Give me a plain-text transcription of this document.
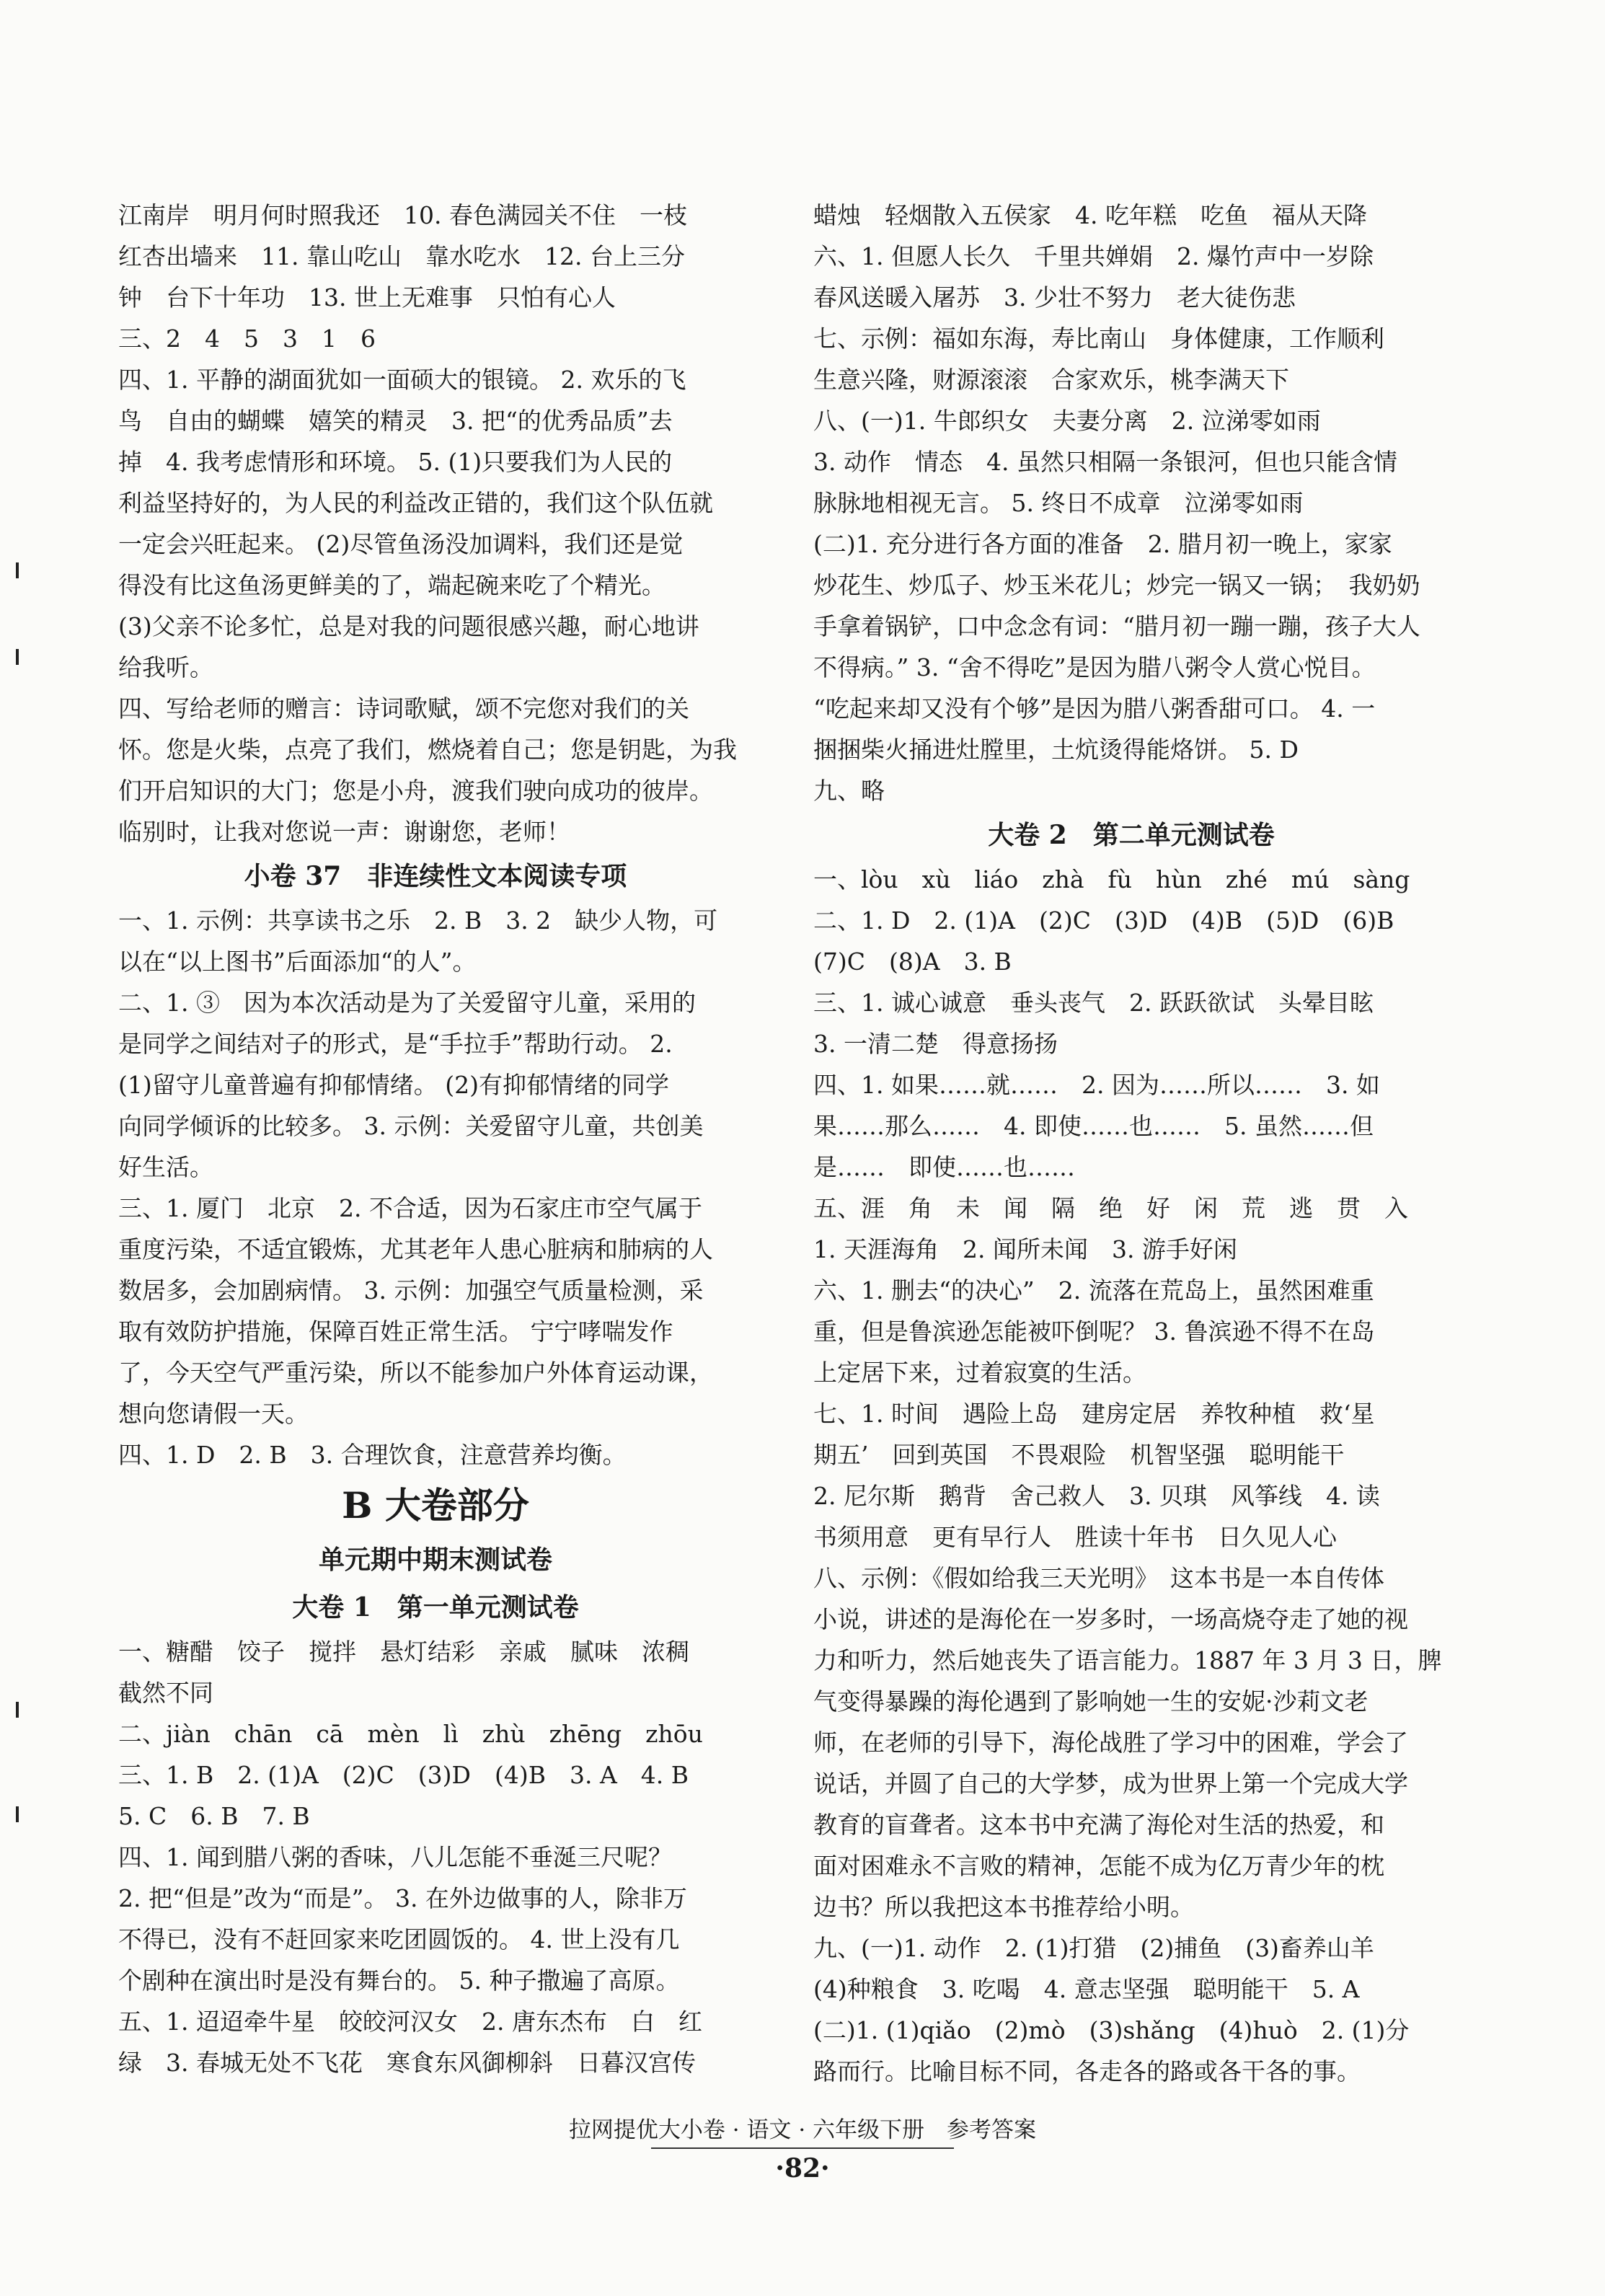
江南岸　明月何时照我还　10. 春色满园关不住　一枝
红杏出墙来　11. 靠山吃山　靠水吃水　12. 台上三分
钟　台下十年功　13. 世上无难事　只怕有心人
三、2　4　5　3　1　6
四、1. 平静的湖面犹如一面硕大的银镜。 2. 欢乐的飞
鸟　自由的蝴蝶　嬉笑的精灵　3. 把“的优秀品质”去
掉　4. 我考虑情形和环境。 5. (1)只要我们为人民的
利益坚持好的，为人民的利益改正错的，我们这个队伍就
一定会兴旺起来。 (2)尽管鱼汤没加调料，我们还是觉
得没有比这鱼汤更鲜美的了，端起碗来吃了个精光。
(3)父亲不论多忙，总是对我的问题很感兴趣，耐心地讲
给我听。
四、写给老师的赠言：诗词歌赋，颂不完您对我们的关
怀。您是火柴，点亮了我们，燃烧着自己；您是钥匙，为我
们开启知识的大门；您是小舟，渡我们驶向成功的彼岸。
临别时，让我对您说一声：谢谢您，老师！
小卷 37　非连续性文本阅读专项
一、1. 示例：共享读书之乐　2. B　3. 2　缺少人物，可
以在“以上图书”后面添加“的人”。
二、1. ③　因为本次活动是为了关爱留守儿童，采用的
是同学之间结对子的形式，是“手拉手”帮助行动。 2.
(1)留守儿童普遍有抑郁情绪。 (2)有抑郁情绪的同学
向同学倾诉的比较多。 3. 示例：关爱留守儿童，共创美
好生活。
三、1. 厦门　北京　2. 不合适，因为石家庄市空气属于
重度污染，不适宜锻炼，尤其老年人患心脏病和肺病的人
数居多，会加剧病情。 3. 示例：加强空气质量检测，采
取有效防护措施，保障百姓正常生活。 宁宁哮喘发作
了，今天空气严重污染，所以不能参加户外体育运动课，
想向您请假一天。
四、1. D　2. B　3. 合理饮食，注意营养均衡。
B 大卷部分
单元期中期末测试卷
大卷 1　第一单元测试卷
一、糖醋　饺子　搅拌　悬灯结彩　亲戚　腻味　浓稠
截然不同
二、jiàn　chān　cā　mèn　lì　zhù　zhēng　zhōu
三、1. B　2. (1)A　(2)C　(3)D　(4)B　3. A　4. B
5. C　6. B　7. B
四、1. 闻到腊八粥的香味，八儿怎能不垂涎三尺呢？
2. 把“但是”改为“而是”。 3. 在外边做事的人，除非万
不得已，没有不赶回家来吃团圆饭的。 4. 世上没有几
个剧种在演出时是没有舞台的。 5. 种子撒遍了高原。
五、1. 迢迢牵牛星　皎皎河汉女　2. 唐东杰布　白　红
绿　3. 春城无处不飞花　寒食东风御柳斜　日暮汉宫传
蜡烛　轻烟散入五侯家　4. 吃年糕　吃鱼　福从天降
六、1. 但愿人长久　千里共婵娟　2. 爆竹声中一岁除
春风送暖入屠苏　3. 少壮不努力　老大徒伤悲
七、示例：福如东海，寿比南山　身体健康，工作顺利
生意兴隆，财源滚滚　合家欢乐，桃李满天下
八、(一)1. 牛郎织女　夫妻分离　2. 泣涕零如雨
3. 动作　情态　4. 虽然只相隔一条银河，但也只能含情
脉脉地相视无言。 5. 终日不成章　泣涕零如雨
(二)1. 充分进行各方面的准备　2. 腊月初一晚上，家家
炒花生、炒瓜子、炒玉米花儿；炒完一锅又一锅；　我奶奶
手拿着锅铲，口中念念有词：“腊月初一蹦一蹦，孩子大人
不得病。” 3. “舍不得吃”是因为腊八粥令人赏心悦目。
“吃起来却又没有个够”是因为腊八粥香甜可口。 4. 一
捆捆柴火捅进灶膛里，土炕烫得能烙饼。 5. D
九、略
大卷 2　第二单元测试卷
一、lòu　xù　liáo　zhà　fù　hùn　zhé　mú　sàng
二、1. D　2. (1)A　(2)C　(3)D　(4)B　(5)D　(6)B
(7)C　(8)A　3. B
三、1. 诚心诚意　垂头丧气　2. 跃跃欲试　头晕目眩
3. 一清二楚　得意扬扬
四、1. 如果……就……　2. 因为……所以……　3. 如
果……那么……　4. 即使……也……　5. 虽然……但
是……　即使……也……
五、涯　角　未　闻　隔　绝　好　闲　荒　逃　贯　入
1. 天涯海角　2. 闻所未闻　3. 游手好闲
六、1. 删去“的决心”　2. 流落在荒岛上，虽然困难重
重，但是鲁滨逊怎能被吓倒呢？ 3. 鲁滨逊不得不在岛
上定居下来，过着寂寞的生活。
七、1. 时间　遇险上岛　建房定居　养牧种植　救‘星
期五’　回到英国　不畏艰险　机智坚强　聪明能干
2. 尼尔斯　鹅背　舍己救人　3. 贝琪　风筝线　4. 读
书须用意　更有早行人　胜读十年书　日久见人心
八、示例：《假如给我三天光明》　这本书是一本自传体
小说，讲述的是海伦在一岁多时，一场高烧夺走了她的视
力和听力，然后她丧失了语言能力。1887 年 3 月 3 日，脾
气变得暴躁的海伦遇到了影响她一生的安妮·沙莉文老
师，在老师的引导下，海伦战胜了学习中的困难，学会了
说话，并圆了自己的大学梦，成为世界上第一个完成大学
教育的盲聋者。这本书中充满了海伦对生活的热爱，和
面对困难永不言败的精神，怎能不成为亿万青少年的枕
边书？所以我把这本书推荐给小明。
九、(一)1. 动作　2. (1)打猎　(2)捕鱼　(3)畜养山羊
(4)种粮食　3. 吃喝　4. 意志坚强　聪明能干　5. A
(二)1. (1)qiǎo　(2)mò　(3)shǎng　(4)huò　2. (1)分
路而行。比喻目标不同，各走各的路或各干各的事。
拉网提优大小卷 · 语文 · 六年级下册　参考答案
·82·
